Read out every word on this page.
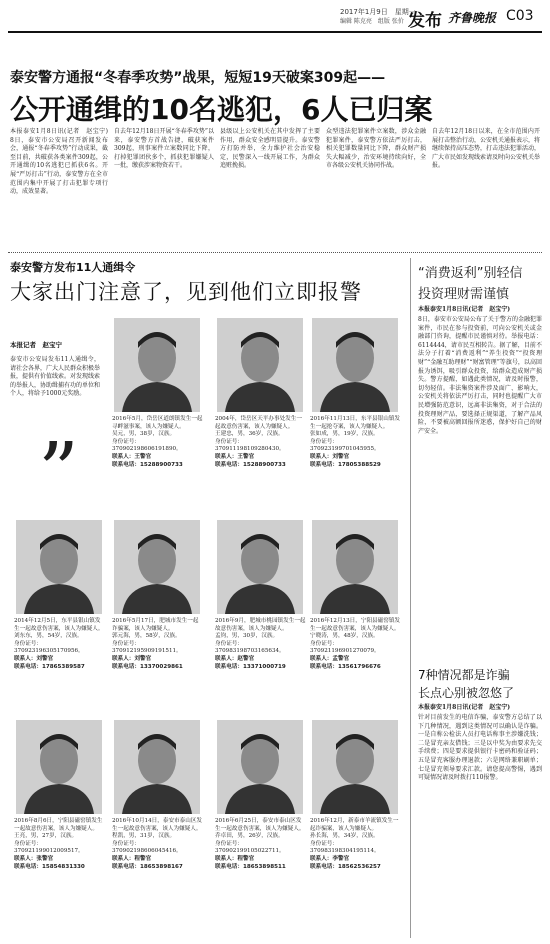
2017年1月9日　星期一
编辑 陈克亮　组版 张价 发布 齐鲁晚报 C03
泰安警方通报“冬春季攻势”战果，短短19天破案309起——
公开通缉的10名逃犯，6人已归案
本报泰安1月8日讯(记者　赵宝宁)　8日，泰安市公安局召开新闻发布会，通报“冬春季攻势”行动成果，截至目前，共破获各类案件309起，公开通缉的10名逃犯已抓获6名。开展“严厉打击”行动，泰安警方在全市范围内集中开展了打击犯罪专项行动，成效显著。
自去年12月18日开展“冬春季攻势”以来，泰安警方首战告捷，破获案件309起，刑事案件立案数同比下降，打掉犯罪团伙多个，抓获犯罪嫌疑人一批，缴获涉案物资若干。
县级以上公安机关在其中发挥了主要作用，群众安全感明显提升。泰安警方打防并举，全力维护社会治安稳定，民警深入一线开展工作，为群众追赃挽损。
众型违法犯罪案件立案数，涉众金融犯罪案件，泰安警方依法严厉打击，相关犯罪数量同比下降，群众财产损失大幅减少，治安环境持续向好，全市各级公安机关协同作战。
自去年12月18日以来，在全市范围内开展打击整治行动，公安机关通报表示，将继续保持高压态势，打击违法犯罪活动，广大市民如发现线索请及时向公安机关举报。
泰安警方发布11人通缉令
大家出门注意了，见到他们立即报警
本报记者　赵宝宁
泰安市公安局发布11人通缉令，请社会各界，广大人民群众积极举报，提供有价值线索。对发现线索的举报人，协助缉捕有功的单位和个人，将给予1000元奖励。
”
2016年5月，岱岳区道朗镇发生一起寻衅滋事案，该人为嫌疑人。
吴元，男，38岁，汉族。
身份证号：370902198606191890。
联系人：王警官
联系电话：15288900733
2004年，岱岳区天平办事处发生一起故意伤害案，该人为嫌疑人。
王建忠，男，36岁，汉族。
身份证号：370911198109280430。
联系人：王警官
联系电话：15288900733
2016年11月13日，东平县银山镇发生一起抢夺案，该人为嫌疑人。
张如成，男，19岁，汉族。
身份证号：370923199701045955。
联系人：刘警官
联系电话：17805388529
2014年12月5日，东平县银山镇发生一起故意伤害案，该人为嫌疑人。
刘东东，男，54岁，汉族。
身份证号：370923196305170956。
联系人：刘警官
联系电话：17865389587
2016年5月17日，肥城市发生一起诈骗案，该人为嫌疑人。
郭元海，男，58岁，汉族。
身份证号：370912195909191511。
联系人：刘警官
联系电话：13370029861
2016年9月，肥城市桃园镇发生一起故意伤害案，该人为嫌疑人。
孟钧，男，30岁，汉族。
身份证号：370983198703165634。
联系人：赵警官
联系电话：13371000719
2016年12月13日，宁阳县磁窑镇发生一起故意伤害案，该人为嫌疑人。
宁晓涛，男，48岁，汉族。
身份证号：370921196901270079。
联系人：孟警官
联系电话：13561796676
2016年8月6日，宁阳县磁窑镇发生一起故意伤害案，该人为嫌疑人。
王亮，男，27岁，汉族。
身份证号：370921199012009517。
联系人：张警官
联系电话：15854831330
2016年10月14日，泰安市泰山区发生一起故意伤害案，该人为嫌疑人。
程凯，男，31岁，汉族。
身份证号：370902198606045416。
联系人：程警官
联系电话：18653898167
2016年6月25日，泰安市泰山区发生一起故意伤害案，该人为嫌疑人。
乔卓田，男，26岁，汉族。
身份证号：370902199105022711。
联系人：程警官
联系电话：18653898511
2016年12月，新泰市羊流镇发生一起诈骗案，该人为嫌疑人。
孙长海，男，34岁，汉族。
身份证号：370983198304195114。
联系人：李警官
联系电话：18562536257
“消费返利”别轻信
投资理财需谨慎
本报泰安1月8日讯(记者　赵宝宁)
8日，泰安市公安局公布了关于警方的金融犯罪案件，市民在参与投资前，可向公安机关或金融部门咨询，提醒市民谨慎对待。举报电话：6114444，请市民互相转告。据了解，目前不法分子打着“消费返利”“养生投资”“投资理财”“金融互助理财”“财富管理”等旗号，以高回报为诱饵，吸引群众投资，给群众造成财产损失。警方提醒，如遇此类情况，请及时报警，切勿轻信。非法集资案件涉及面广、影响大，公安机关将依法严厉打击，同时也提醒广大市民增强防范意识，远离非法集资，对于合法的投资理财产品，要选择正规渠道，了解产品风险，不要被高额回报所迷惑，保护好自己的财产安全。
7种情况都是诈骗
长点心别被忽悠了
本报泰安1月8日讯(记者　赵宝宁)
针对目前发生的电信诈骗，泰安警方总结了以下几种情况，遇到这类情况可以确认是诈骗。一是自称公检法人员打电话称事主涉嫌洗钱；二是冒充亲友借钱；三是以中奖为由要求先交手续费；四是要求提供银行卡密码和验证码；五是冒充客服办理退款；六是网络兼职刷单；七是冒充领导要求汇款。请您提高警惕，遇到可疑情况请及时拨打110报警。
